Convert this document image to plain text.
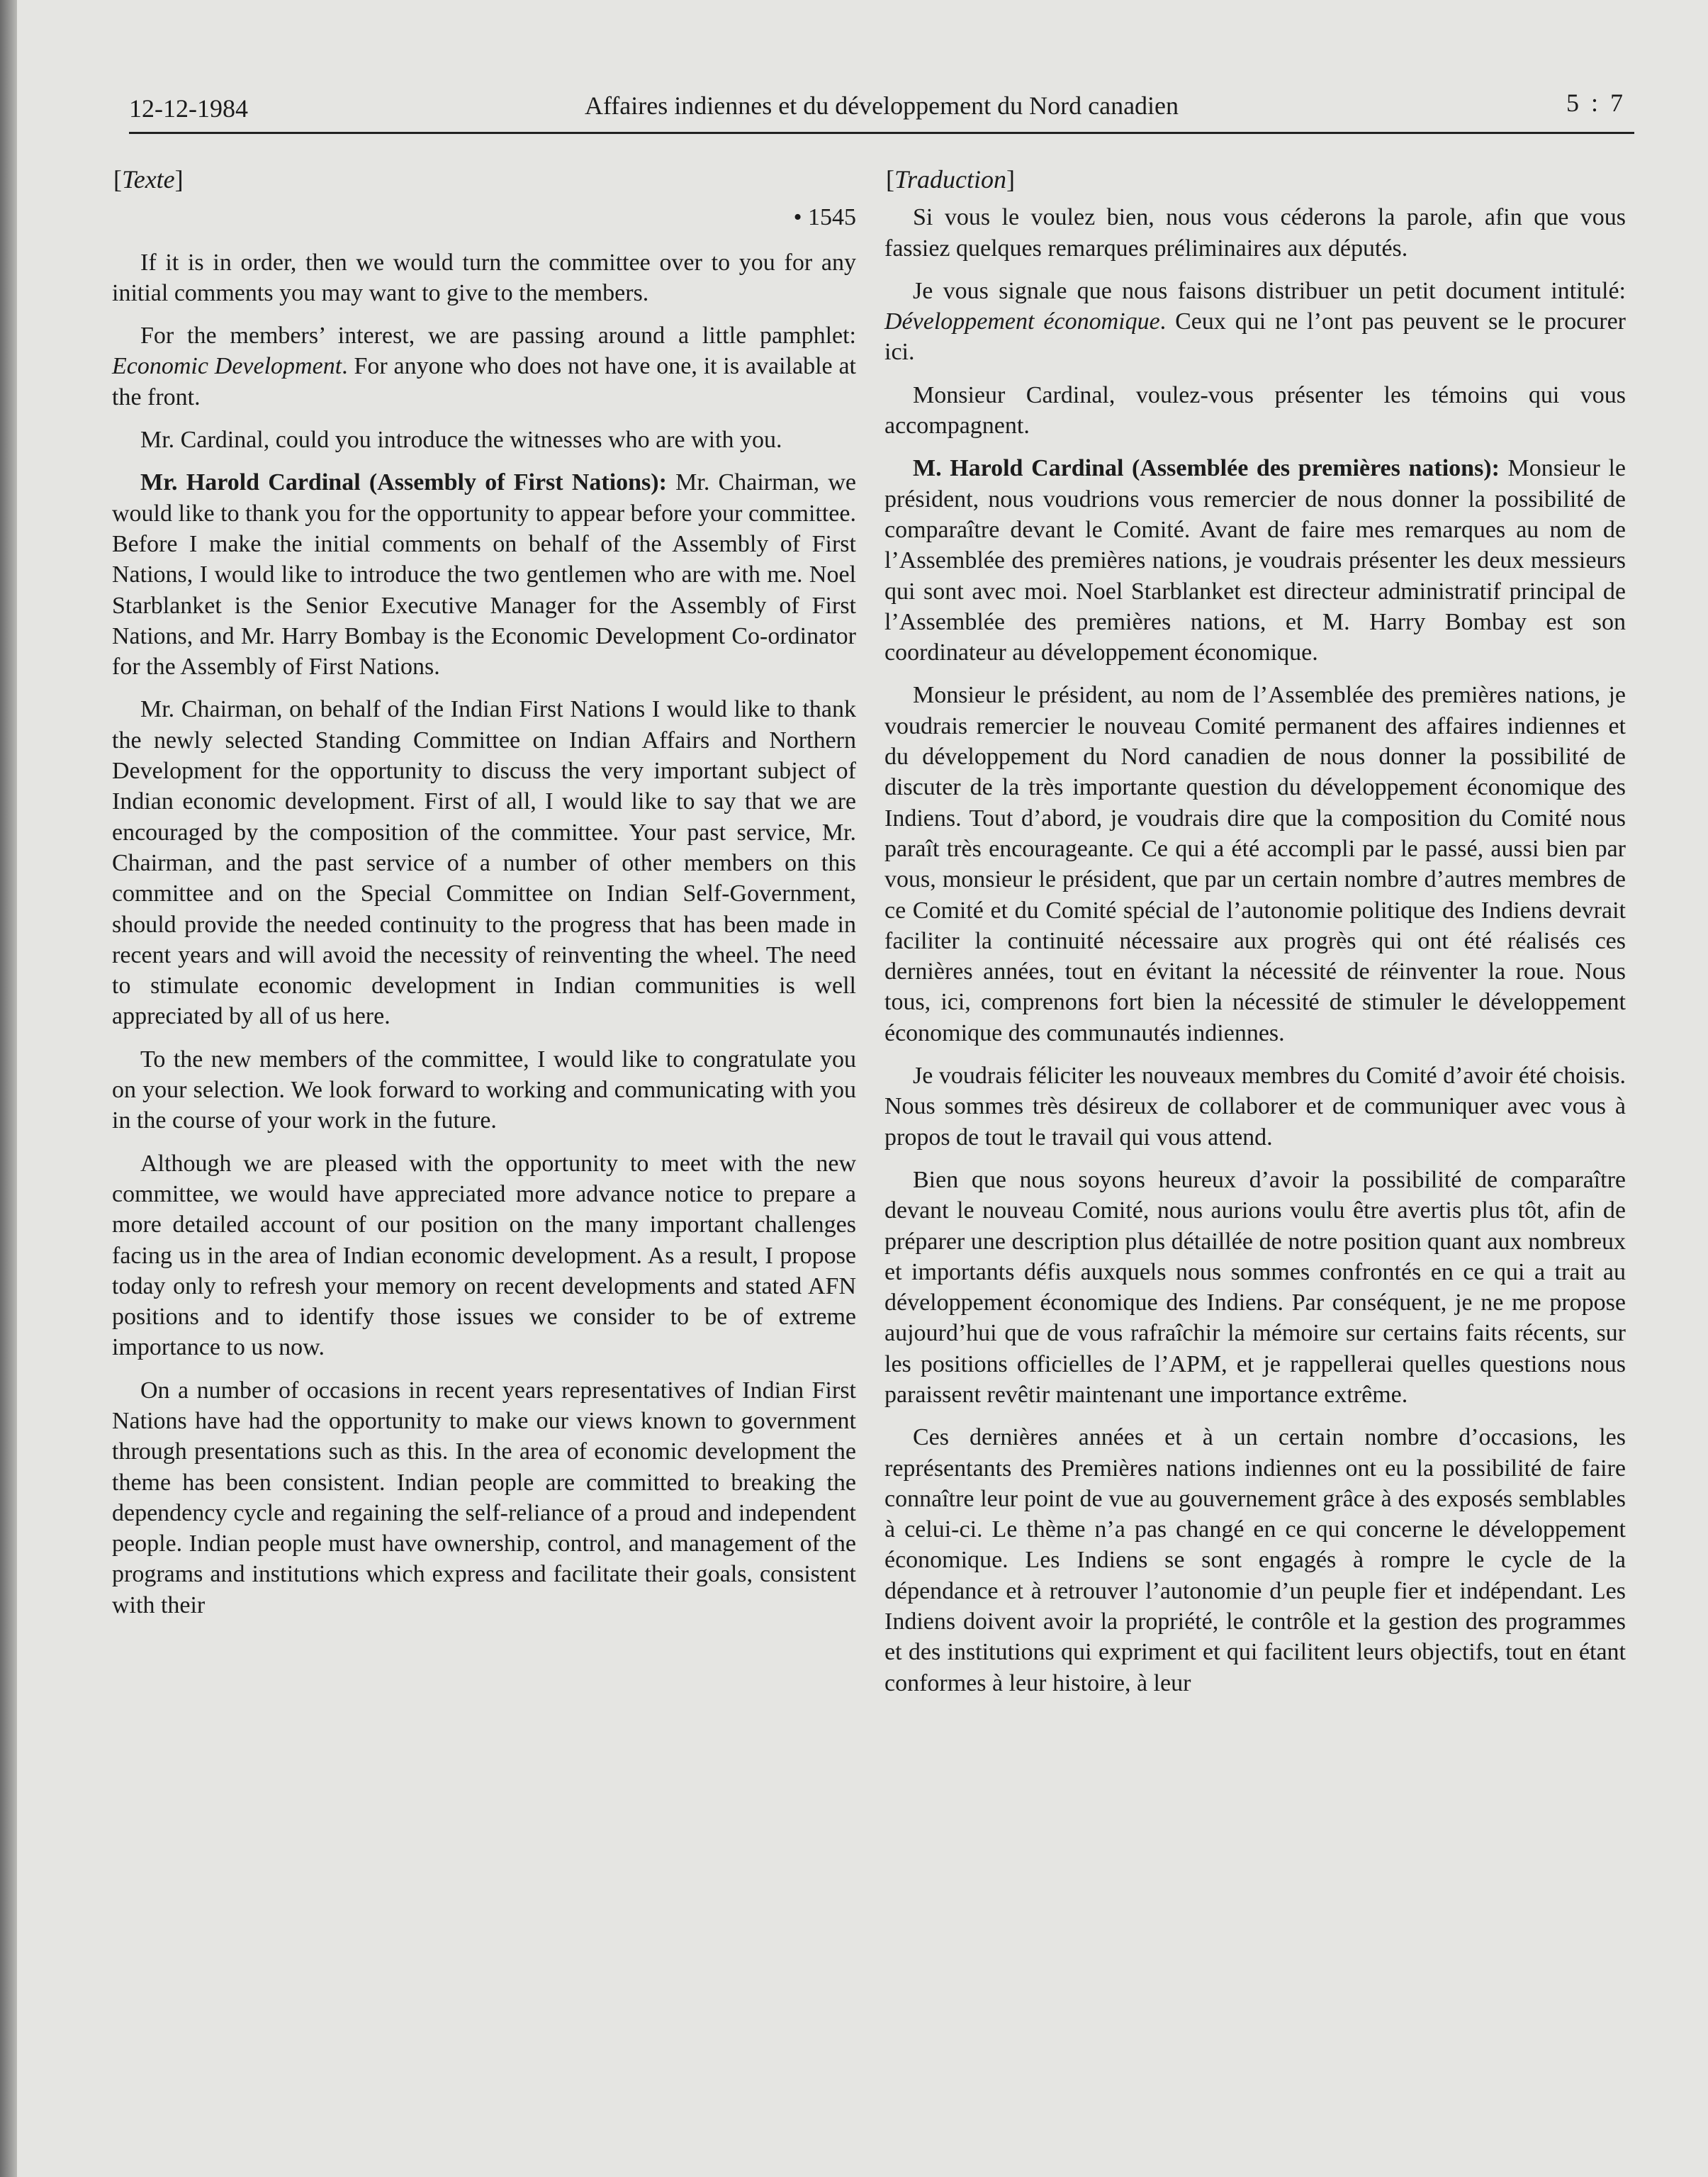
12-12-1984	Affaires indiennes et du développement du Nord canadien	5 : 7
[Texte]
• 1545

If it is in order, then we would turn the committee over to you for any initial comments you may want to give to the members.

For the members’ interest, we are passing around a little pamphlet: Economic Development. For anyone who does not have one, it is available at the front.

Mr. Cardinal, could you introduce the witnesses who are with you.

Mr. Harold Cardinal (Assembly of First Nations): Mr. Chairman, we would like to thank you for the opportunity to appear before your committee. Before I make the initial comments on behalf of the Assembly of First Nations, I would like to introduce the two gentlemen who are with me. Noel Starblanket is the Senior Executive Manager for the Assembly of First Nations, and Mr. Harry Bombay is the Economic Development Co-ordinator for the Assembly of First Nations.

Mr. Chairman, on behalf of the Indian First Nations I would like to thank the newly selected Standing Committee on Indian Affairs and Northern Development for the opportunity to discuss the very important subject of Indian economic development. First of all, I would like to say that we are encouraged by the composition of the committee. Your past service, Mr. Chairman, and the past service of a number of other members on this committee and on the Special Committee on Indian Self-Government, should provide the needed continuity to the progress that has been made in recent years and will avoid the necessity of reinventing the wheel. The need to stimulate economic development in Indian communities is well appreciated by all of us here.

To the new members of the committee, I would like to congratulate you on your selection. We look forward to working and communicating with you in the course of your work in the future.

Although we are pleased with the opportunity to meet with the new committee, we would have appreciated more advance notice to prepare a more detailed account of our position on the many important challenges facing us in the area of Indian economic development. As a result, I propose today only to refresh your memory on recent developments and stated AFN positions and to identify those issues we consider to be of extreme importance to us now.

On a number of occasions in recent years representatives of Indian First Nations have had the opportunity to make our views known to government through presentations such as this. In the area of economic development the theme has been consistent. Indian people are committed to breaking the dependency cycle and regaining the self-reliance of a proud and independent people. Indian people must have ownership, control, and management of the programs and institutions which express and facilitate their goals, consistent with their

[Traduction]

Si vous le voulez bien, nous vous céderons la parole, afin que vous fassiez quelques remarques préliminaires aux députés.

Je vous signale que nous faisons distribuer un petit document intitulé: Développement économique. Ceux qui ne l’ont pas peuvent se le procurer ici.

Monsieur Cardinal, voulez-vous présenter les témoins qui vous accompagnent.

M. Harold Cardinal (Assemblée des premières nations): Monsieur le président, nous voudrions vous remercier de nous donner la possibilité de comparaître devant le Comité. Avant de faire mes remarques au nom de l’Assemblée des premières nations, je voudrais présenter les deux messieurs qui sont avec moi. Noel Starblanket est directeur administratif principal de l’Assemblée des premières nations, et M. Harry Bombay est son coordinateur au développement économique.

Monsieur le président, au nom de l’Assemblée des premières nations, je voudrais remercier le nouveau Comité permanent des affaires indiennes et du développement du Nord canadien de nous donner la possibilité de discuter de la très importante question du développement économique des Indiens. Tout d’abord, je voudrais dire que la composition du Comité nous paraît très encourageante. Ce qui a été accompli par le passé, aussi bien par vous, monsieur le président, que par un certain nombre d’autres membres de ce Comité et du Comité spécial de l’autonomie politique des Indiens devrait faciliter la continuité nécessaire aux progrès qui ont été réalisés ces dernières années, tout en évitant la nécessité de réinventer la roue. Nous tous, ici, comprenons fort bien la nécessité de stimuler le développement économique des communautés indiennes.

Je voudrais féliciter les nouveaux membres du Comité d’avoir été choisis. Nous sommes très désireux de collaborer et de communiquer avec vous à propos de tout le travail qui vous attend.

Bien que nous soyons heureux d’avoir la possibilité de comparaître devant le nouveau Comité, nous aurions voulu être avertis plus tôt, afin de préparer une description plus détaillée de notre position quant aux nombreux et importants défis auxquels nous sommes confrontés en ce qui a trait au développement économique des Indiens. Par conséquent, je ne me propose aujourd’hui que de vous rafraîchir la mémoire sur certains faits récents, sur les positions officielles de l’APM, et je rappellerai quelles questions nous paraissent revêtir maintenant une importance extrême.

Ces dernières années et à un certain nombre d’occasions, les représentants des Premières nations indiennes ont eu la possibilité de faire connaître leur point de vue au gouvernement grâce à des exposés semblables à celui-ci. Le thème n’a pas changé en ce qui concerne le développement économique. Les Indiens se sont engagés à rompre le cycle de la dépendance et à retrouver l’autonomie d’un peuple fier et indépendant. Les Indiens doivent avoir la propriété, le contrôle et la gestion des programmes et des institutions qui expriment et qui facilitent leurs objectifs, tout en étant conformes à leur histoire, à leur
